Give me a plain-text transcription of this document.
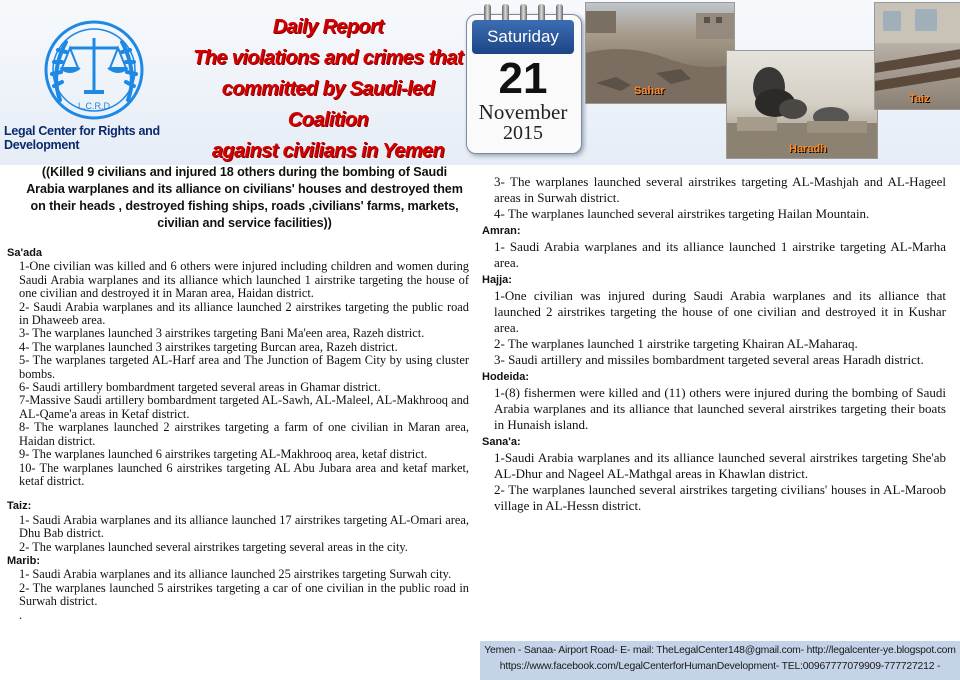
L.C.R.D
Legal Center for Rights and Development
Daily Report
The violations and crimes that
committed by Saudi-led Coalition
against civilians in Yemen
Saturiday
21
November
2015
Sahar
Haradh
Taiz
((Killed 9 civilians and injured 18 others during the bombing of Saudi Arabia warplanes and its alliance on civilians' houses and destroyed them on their heads , destroyed fishing ships, roads ,civilians' farms, markets, civilian and service facilities))
Sa'ada
1-One civilian was killed and 6 others were injured including children and women during Saudi Arabia warplanes and its alliance which launched 1 airstrike targeting the house of one civilian and destroyed it in Maran area, Haidan district.
2- Saudi Arabia warplanes and its alliance launched 2 airstrikes targeting the public road in Dhaweeb area.
3- The warplanes launched 3 airstrikes targeting Bani Ma'een area, Razeh district.
4- The warplanes launched 3 airstrikes targeting Burcan area, Razeh district.
5- The warplanes targeted AL-Harf area and The Junction of Bagem City by using cluster bombs.
6- Saudi artillery bombardment targeted several areas in Ghamar district.
7-Massive Saudi artillery bombardment targeted AL-Sawh, AL-Maleel, AL-Makhrooq and AL-Qame'a areas in Ketaf district.
8- The warplanes launched 2 airstrikes targeting a farm of one civilian in Maran area, Haidan district.
9- The warplanes launched 6 airstrikes targeting AL-Makhrooq area, ketaf district.
10- The warplanes launched 6 airstrikes targeting AL Abu Jubara area and ketaf market, ketaf district.
Taiz:
1- Saudi Arabia warplanes and its alliance launched 17 airstrikes targeting AL-Omari area, Dhu Bab district.
2- The warplanes launched several airstrikes targeting several areas in the city.
Marib:
1- Saudi Arabia warplanes and its alliance launched 25 airstrikes targeting Surwah city.
2- The warplanes launched 5 airstrikes targeting a car of one civilian in the public road in Surwah district.
.
3- The warplanes launched several airstrikes targeting AL-Mashjah and AL-Hageel areas in Surwah district.
4- The warplanes launched several airstrikes targeting Hailan Mountain.
Amran:
1- Saudi Arabia warplanes and its alliance launched 1 airstrike targeting AL-Marha area.
Hajja:
1-One civilian was injured during Saudi Arabia warplanes and its alliance that launched 2 airstrikes targeting the house of one civilian and destroyed it in Kushar area.
2- The warplanes launched 1 airstrike targeting Khairan AL-Maharaq.
3- Saudi artillery and missiles bombardment targeted several areas Haradh district.
Hodeida:
1-(8) fishermen were killed and (11) others were injured during the bombing of Saudi Arabia warplanes and its alliance that launched several airstrikes targeting their boats in Hunaish island.
Sana'a:
1-Saudi Arabia warplanes and its alliance launched several airstrikes targeting She'ab AL-Dhur and Nageel AL-Mathgal areas in Khawlan district.
2- The warplanes launched several airstrikes targeting civilians' houses in AL-Maroob village in AL-Hessn district.
Yemen - Sanaa- Airport Road- E- mail: TheLegalCenter148@gmail.com- http://legalcenter-ye.blogspot.com
https://www.facebook.com/LegalCenterforHumanDevelopment- TEL:00967777079909-777727212 -
